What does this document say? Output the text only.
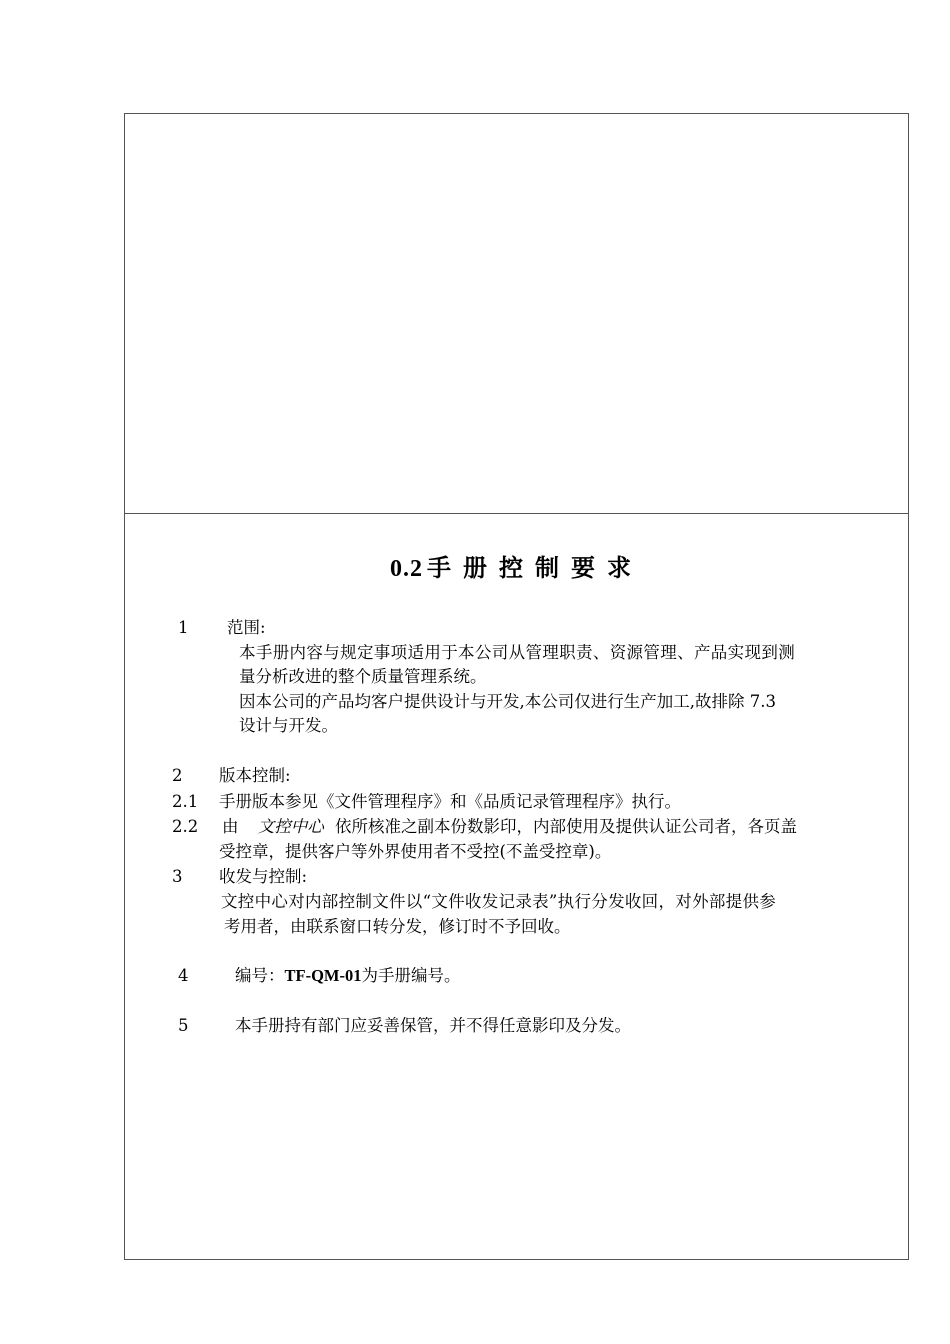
0.2 手册控制要求
1 范围:
本手册内容与规定事项适用于本公司从管理职责、资源管理、产品实现到测
量分析改进的整个质量管理系统。
因本公司的产品均客户提供设计与开发,本公司仅进行生产加工,故排除 7.3
设计与开发。
2 版本控制:
2.1 手册版本参见《文件管理程序》和《品质记录管理程序》执行。
2.2 由 文控中心 依所核准之副本份数影印，内部使用及提供认证公司者，各页盖
受控章，提供客户等外界使用者不受控(不盖受控章)。
3 收发与控制:
文控中心对内部控制文件以“文件收发记录表”执行分发收回，对外部提供参
考用者，由联系窗口转分发，修订时不予回收。
4	编号：TF-QM-01为手册编号。
5	本手册持有部门应妥善保管，并不得任意影印及分发。
